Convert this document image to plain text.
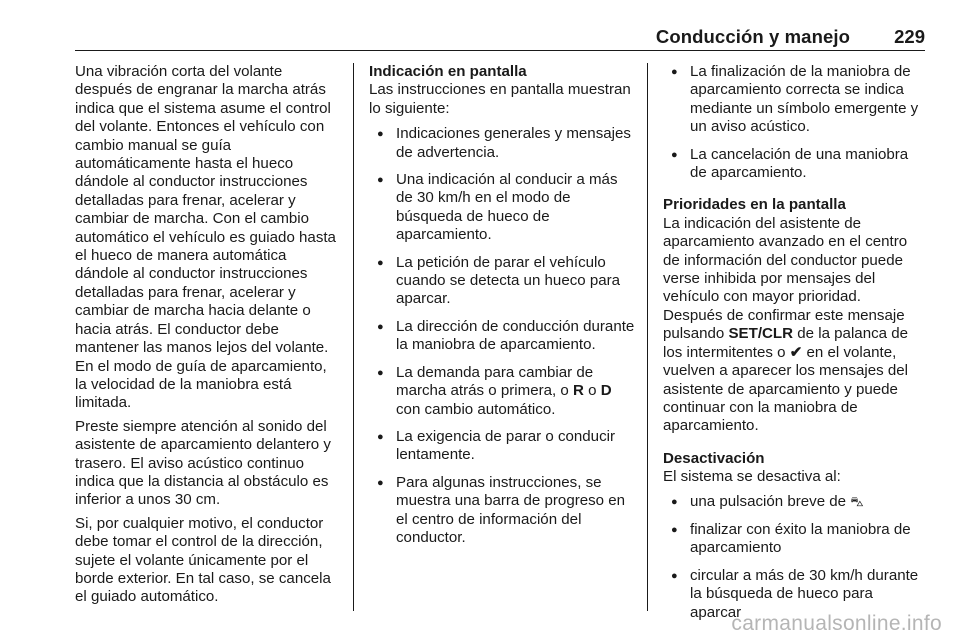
Conducción y manejo 229

Una vibración corta del volante después de engranar la marcha atrás indica que el sistema asume el control del volante. Entonces el vehículo con cambio manual se guía automáticamente hasta el hueco dándole al conductor instrucciones detalladas para frenar, acelerar y cambiar de marcha. Con el cambio automático el vehículo es guiado hasta el hueco de manera automática dándole al conductor instrucciones detalladas para frenar, acelerar y cambiar de marcha hacia delante o hacia atrás. El conductor debe mantener las manos lejos del volante. En el modo de guía de aparcamiento, la velocidad de la maniobra está limitada.

Preste siempre atención al sonido del asistente de aparcamiento delantero y trasero. El aviso acústico continuo indica que la distancia al obstáculo es inferior a unos 30 cm.

Si, por cualquier motivo, el conductor debe tomar el control de la dirección, sujete el volante únicamente por el borde exterior. En tal caso, se cancela el guiado automático.

Indicación en pantalla
Las instrucciones en pantalla muestran lo siguiente:
● Indicaciones generales y mensajes de advertencia.
● Una indicación al conducir a más de 30 km/h en el modo de búsqueda de hueco de aparcamiento.
● La petición de parar el vehículo cuando se detecta un hueco para aparcar.
● La dirección de conducción durante la maniobra de aparcamiento.
● La demanda para cambiar de marcha atrás o primera, o R o D con cambio automático.
● La exigencia de parar o conducir lentamente.
● Para algunas instrucciones, se muestra una barra de progreso en el centro de información del conductor.
● La finalización de la maniobra de aparcamiento correcta se indica mediante un símbolo emergente y un aviso acústico.
● La cancelación de una maniobra de aparcamiento.
Prioridades en la pantalla
La indicación del asistente de aparcamiento avanzado en el centro de información del conductor puede verse inhibida por mensajes del vehículo con mayor prioridad.
Después de confirmar este mensaje pulsando SET/CLR de la palanca de los intermitentes o ✔ en el volante, vuelven a aparecer los mensajes del asistente de aparcamiento y puede continuar con la maniobra de aparcamiento.
Desactivación
El sistema se desactiva al:
● una pulsación breve de ⛍
● finalizar con éxito la maniobra de aparcamiento
● circular a más de 30 km/h durante la búsqueda de hueco para aparcar
carmanualsonline.info
